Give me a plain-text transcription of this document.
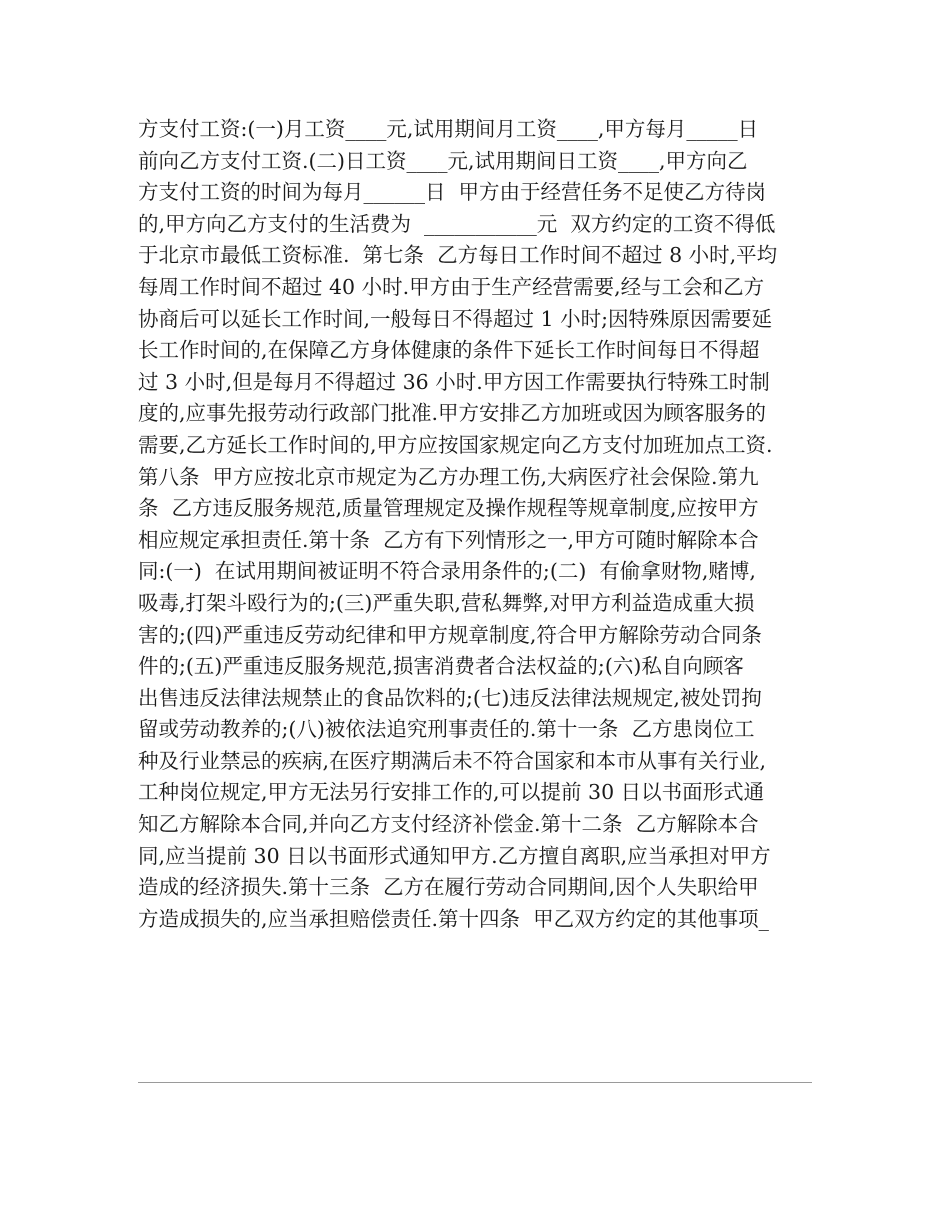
方支付工资:(一)月工资____元,试用期间月工资____,甲方每月_____日
前向乙方支付工资.(二)日工资____元,试用期间日工资____,甲方向乙
方支付工资的时间为每月______日  甲方由于经营任务不足使乙方待岗
的,甲方向乙方支付的生活费为  ___________元  双方约定的工资不得低
于北京市最低工资标准.  第七条  乙方每日工作时间不超过 8 小时,平均
每周工作时间不超过 40 小时.甲方由于生产经营需要,经与工会和乙方
协商后可以延长工作时间,一般每日不得超过 1 小时;因特殊原因需要延
长工作时间的,在保障乙方身体健康的条件下延长工作时间每日不得超
过 3 小时,但是每月不得超过 36 小时.甲方因工作需要执行特殊工时制
度的,应事先报劳动行政部门批准.甲方安排乙方加班或因为顾客服务的
需要,乙方延长工作时间的,甲方应按国家规定向乙方支付加班加点工资.
第八条  甲方应按北京市规定为乙方办理工伤,大病医疗社会保险.第九
条  乙方违反服务规范,质量管理规定及操作规程等规章制度,应按甲方
相应规定承担责任.第十条  乙方有下列情形之一,甲方可随时解除本合
同:(一)  在试用期间被证明不符合录用条件的;(二)  有偷拿财物,赌博,
吸毒,打架斗殴行为的;(三)严重失职,营私舞弊,对甲方利益造成重大损
害的;(四)严重违反劳动纪律和甲方规章制度,符合甲方解除劳动合同条
件的;(五)严重违反服务规范,损害消费者合法权益的;(六)私自向顾客
出售违反法律法规禁止的食品饮料的;(七)违反法律法规规定,被处罚拘
留或劳动教养的;(八)被依法追究刑事责任的.第十一条  乙方患岗位工
种及行业禁忌的疾病,在医疗期满后未不符合国家和本市从事有关行业,
工种岗位规定,甲方无法另行安排工作的,可以提前 30 日以书面形式通
知乙方解除本合同,并向乙方支付经济补偿金.第十二条  乙方解除本合
同,应当提前 30 日以书面形式通知甲方.乙方擅自离职,应当承担对甲方
造成的经济损失.第十三条  乙方在履行劳动合同期间,因个人失职给甲
方造成损失的,应当承担赔偿责任.第十四条  甲乙双方约定的其他事项_
